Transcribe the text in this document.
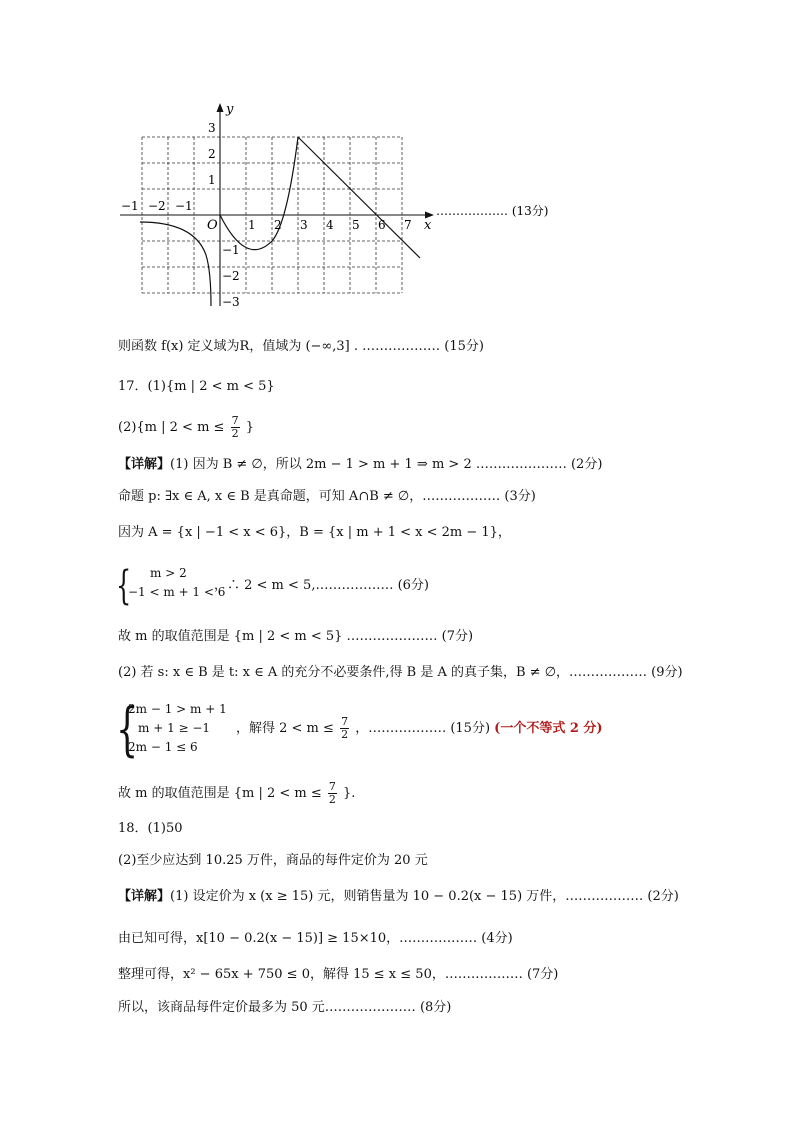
y
x
O
−1 −2 −1
1 2 3 4 5 6 7
3
2
1
−1
−2
−3
……………… (13分)
则函数 f(x) 定义域为R，值域为 (−∞,3] . ……………… (15分)
17．(1){m | 2 < m < 5}
(2){m | $2 < m \le \frac{7}{2}$ }
【详解】(1) 因为 B ≠ ∅，所以 2m − 1 > m + 1 ⇒ m > 2 ………………… (2分)
命题 p: ∃x ∈ A, x ∈ B 是真命题，可知 A∩B ≠ ∅，……………… (3分)
因为 A = {x | −1 < x < 6}，B = {x | m + 1 < x < 2m − 1}，
{	m > 2
−1 < m + 1 < 6
，∴ 2 < m < 5,……………… (6分)
故 m 的取值范围是 {m | 2 < m < 5} ………………… (7分)
(2) 若 s: x ∈ B 是 t: x ∈ A 的充分不必要条件,得 B 是 A 的真子集，B ≠ ∅，……………… (9分)
{
2m − 1 > m + 1
m + 1 ≥ −1
2m − 1 ≤ 6
，解得 $2 < m \le \frac{7}{2}$ ，……………… (15分) (一个不等式 2 分)
故 m 的取值范围是 {m | $2 < m \le \frac{7}{2}$ }.
18．(1)50
(2)至少应达到 10.25 万件，商品的每件定价为 20 元
【详解】(1) 设定价为 x (x ≥ 15) 元，则销售量为 10 − 0.2(x − 15) 万件，……………… (2分)
由已知可得，x[10 − 0.2(x − 15)] ≥ 15×10，……………… (4分)
整理可得，x² − 65x + 750 ≤ 0，解得 15 ≤ x ≤ 50，……………… (7分)
所以，该商品每件定价最多为 50 元………………… (8分)
